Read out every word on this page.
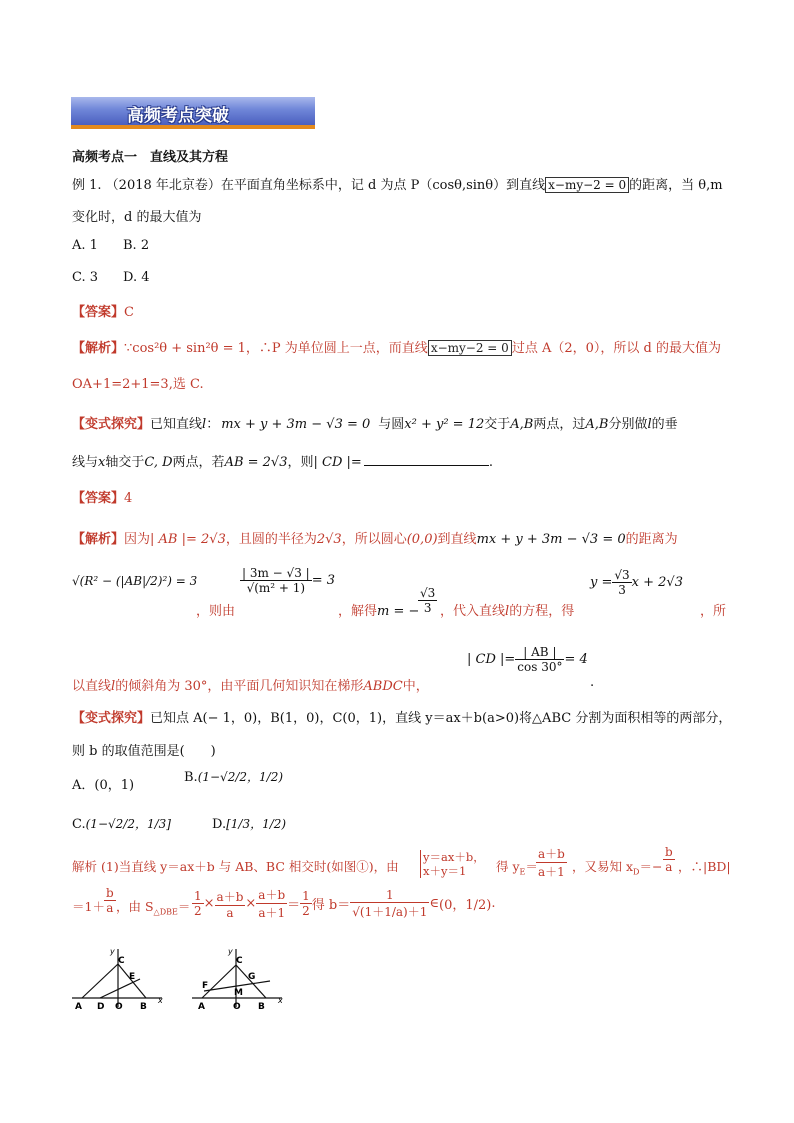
高频考点突破
高频考点一　直线及其方程
例 1. （2018 年北京卷）在平面直角坐标系中，记 d 为点 P（cosθ,sinθ）到直线 x−my−2 = 0 的距离，当 θ,m
变化时，d 的最大值为
A. 1 B. 2
C. 3 D. 4
【答案】C
【解析】∵cos²θ + sin²θ = 1，∴P 为单位圆上一点，而直线 x−my−2 = 0 过点 A（2，0），所以 d 的最大值为
OA+1=2+1=3,选 C.
【变式探究】已知直线l： mx + y + 3m − √3 = 0 与圆x² + y² = 12交于A,B两点，过A,B分别做l的垂
线与x轴交于C, D两点，若AB = 2√3，则| CD |=	.
【答案】4
【解析】因为| AB |= 2√3，且圆的半径为2√3，所以圆心(0,0)到直线mx + y + 3m − √3 = 0的距离为
√(R² − (|AB|/2)²) = 3
，则由
$\frac{| 3m - √3 |}{\text{√(m² + 1)}} = 3$
，解得m = −
$\frac{√3}{3}$ ，代入直线l的方程，得
$y = \frac{√3}{3}$ x + 2√3
，所
以直线l的倾斜角为 30°，由平面几何知识知在梯形ABDC中，
| CD |= $\frac{| AB |}{\cos 30^\circ} = 4$
.
【变式探究】已知点 A(− 1，0)，B(1，0)，C(0，1)，直线 y＝ax＋b(a>0)将△ABC 分割为面积相等的两部分，
则 b 的取值范围是(　　)
A．(0，1)
B.(1−√2/2，1/2)
C.(1−√2/2，1/3]	D.[1/3，1/2)
解析 (1)当直线 y＝ax＋b 与 AB、BC 相交时(如图①)，由
y＝ax＋b，
x＋y＝1	得 $y_E=$
$\frac{a+b}{a+1}$ ，又易知 $x_D=- \frac{b}{a}$ ，∴|BD|
$=1+ \frac{b}{a}$ ，由 $S_{\triangle DBE}= \frac{1}{2} \times \frac{a+b}{a} \times \frac{a+b}{a+1} = \frac{1}{2}$ 得 $b= \frac{1}{√(1+1/a)+1}$ ∈(0，1/2).
A D O B
x
y
C
E
A	O B
x
y
C
G
F
M
